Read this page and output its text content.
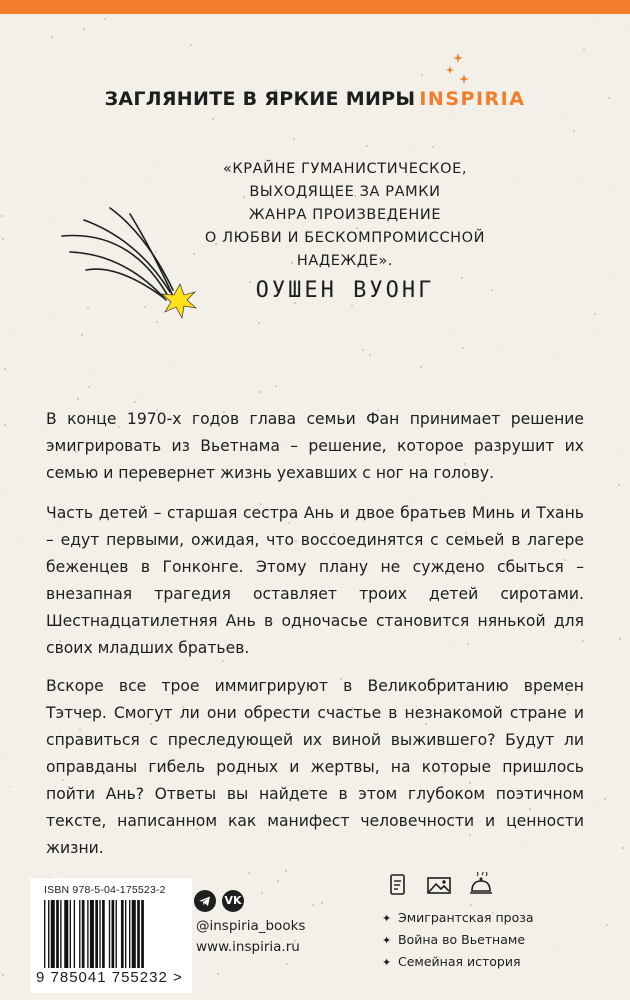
ЗАГЛЯНИТЕ В ЯРКИЕ МИРЫ INSPIRIA
«КРАЙНЕ ГУМАНИСТИЧЕСКОЕ,
ВЫХОДЯЩЕЕ ЗА РАМКИ
ЖАНРА ПРОИЗВЕДЕНИЕ
О ЛЮБВИ И БЕСКОМПРОМИССНОЙ
НАДЕЖДЕ».
ОУШЕН ВУОНГ
В конце 1970-х годов глава семьи Фан принимает решение эмигрировать из Вьетнама – решение, которое разрушит их семью и перевернет жизнь уехавших с ног на голову.
Часть детей – старшая сестра Ань и двое братьев Минь и Тхань – едут первыми, ожидая, что воссоединятся с семьей в лагере беженцев в Гонконге. Этому плану не суждено сбыться – внезапная трагедия оставляет троих детей сиротами. Шестнадцатилетняя Ань в одночасье становится нянькой для своих младших братьев.
Вскоре все трое иммигрируют в Великобританию времен Тэтчер. Смогут ли они обрести счастье в незнакомой стране и справиться с преследующей их виной выжившего? Будут ли оправданы гибель родных и жертвы, на которые пришлось пойти Ань? Ответы вы найдете в этом глубоком поэтичном тексте, написанном как манифест человечности и ценности жизни.
ISBN 978-5-04-175523-2
9 785041 755232 >
VK
@inspiria_books
www.inspiria.ru
✦ Эмигрантская проза
✦ Война во Вьетнаме
✦ Семейная история
